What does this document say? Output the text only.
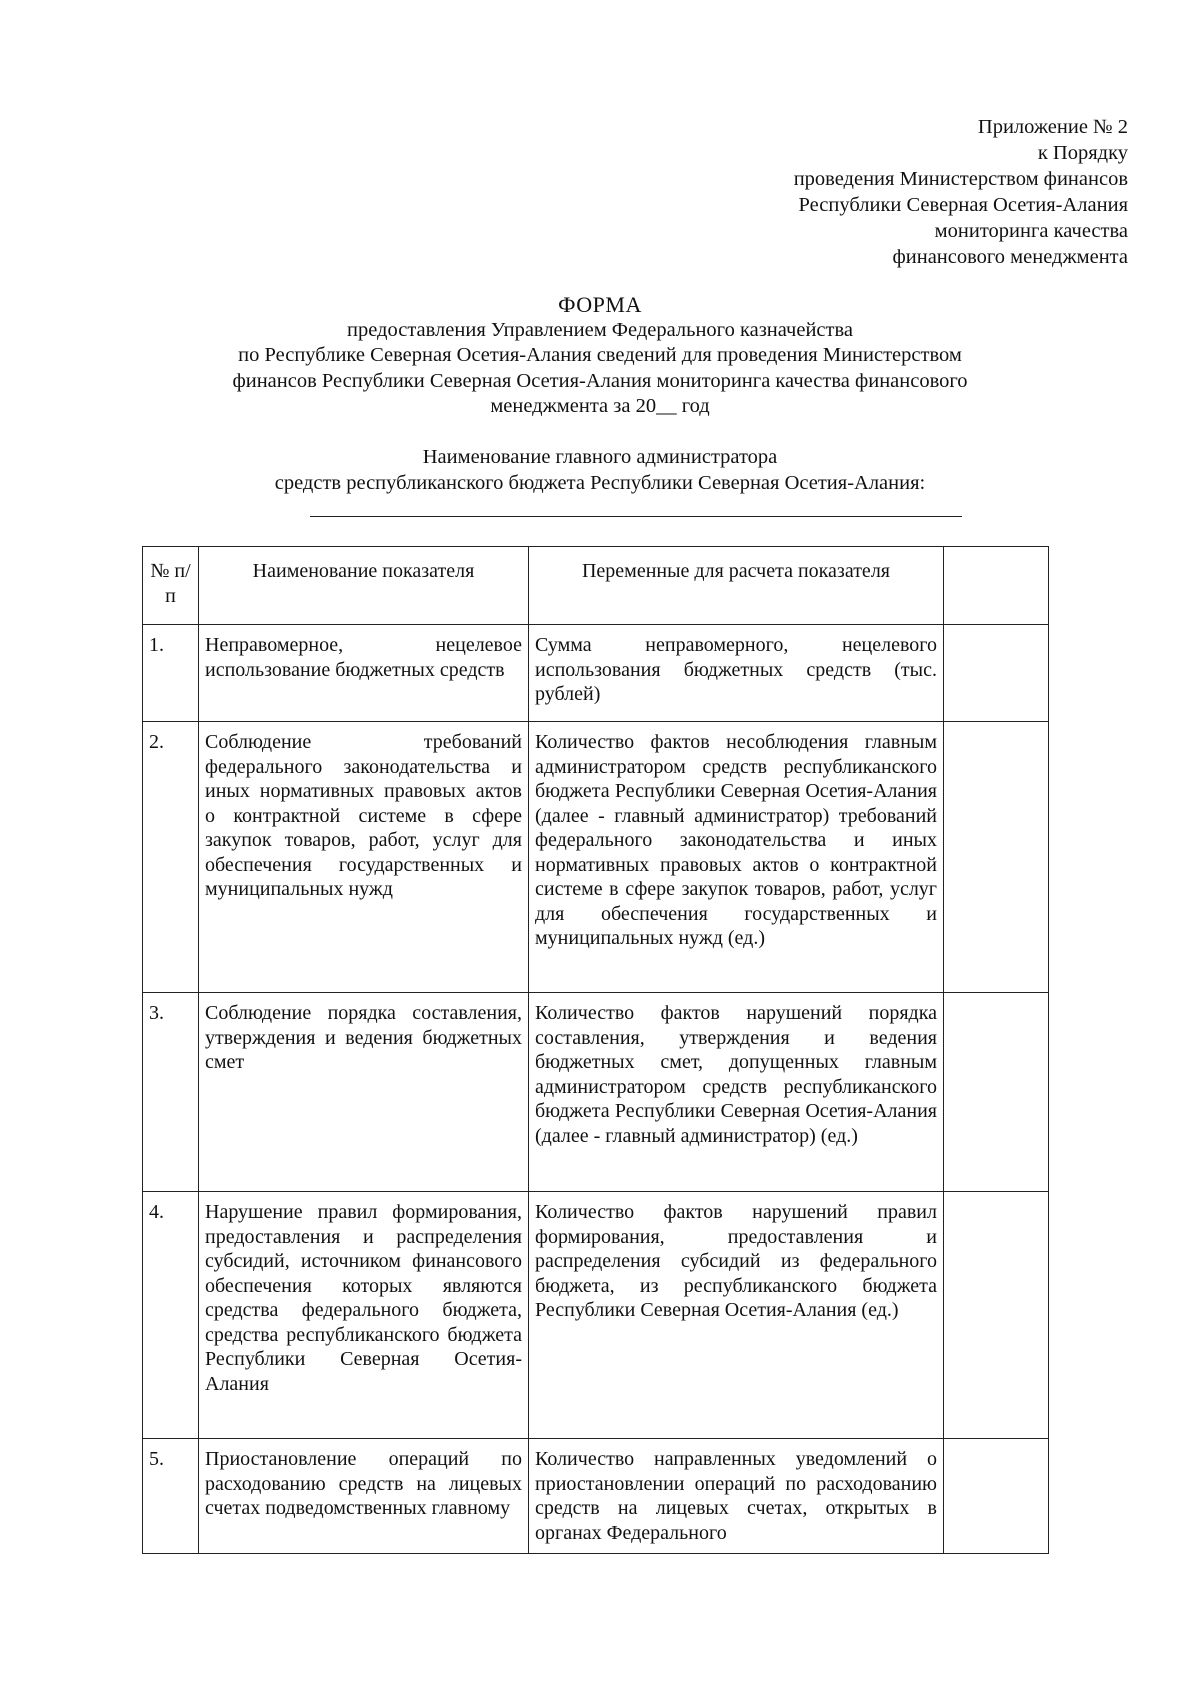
Приложение № 2
к Порядку
проведения Министерством финансов
Республики Северная Осетия-Алания
мониторинга качества
финансового менеджмента
ФОРМА
предоставления Управлением Федерального казначейства
по Республике Северная Осетия-Алания сведений для проведения Министерством
финансов Республики Северная Осетия-Алания мониторинга качества финансового
менеджмента за 20__ год
Наименование главного администратора
средств республиканского бюджета Республики Северная Осетия-Алания:
№ п/п	Наименование показателя	Переменные для расчета показателя	
1.	Неправомерное, нецелевое использование бюджетных средств	Сумма неправомерного, нецелевого использования бюджетных средств (тыс. рублей)	
2.	Соблюдение требований федерального законодательства и иных нормативных правовых актов о контрактной системе в сфере закупок товаров, работ, услуг для обеспечения государственных и муниципальных нужд	Количество фактов несоблюдения главным администратором средств республиканского бюджета Республики Северная Осетия-Алания (далее - главный администратор) требований федерального законодательства и иных нормативных правовых актов о контрактной системе в сфере закупок товаров, работ, услуг для обеспечения государственных и муниципальных нужд (ед.)	
3.	Соблюдение порядка составления, утверждения и ведения бюджетных смет	Количество фактов нарушений порядка составления, утверждения и ведения бюджетных смет, допущенных главным администратором средств республиканского бюджета Республики Северная Осетия-Алания (далее - главный администратор) (ед.)	
4.	Нарушение правил формирования, предоставления и распределения субсидий, источником финансового обеспечения которых являются средства федерального бюджета, средства республиканского бюджета Республики Северная Осетия-Алания	Количество фактов нарушений правил формирования, предоставления и распределения субсидий из федерального бюджета, из республиканского бюджета Республики Северная Осетия-Алания (ед.)	
5.	Приостановление операций по расходованию средств на лицевых счетах подведомственных главному	Количество направленных уведомлений о приостановлении операций по расходованию средств на лицевых счетах, открытых в органах Федерального	
